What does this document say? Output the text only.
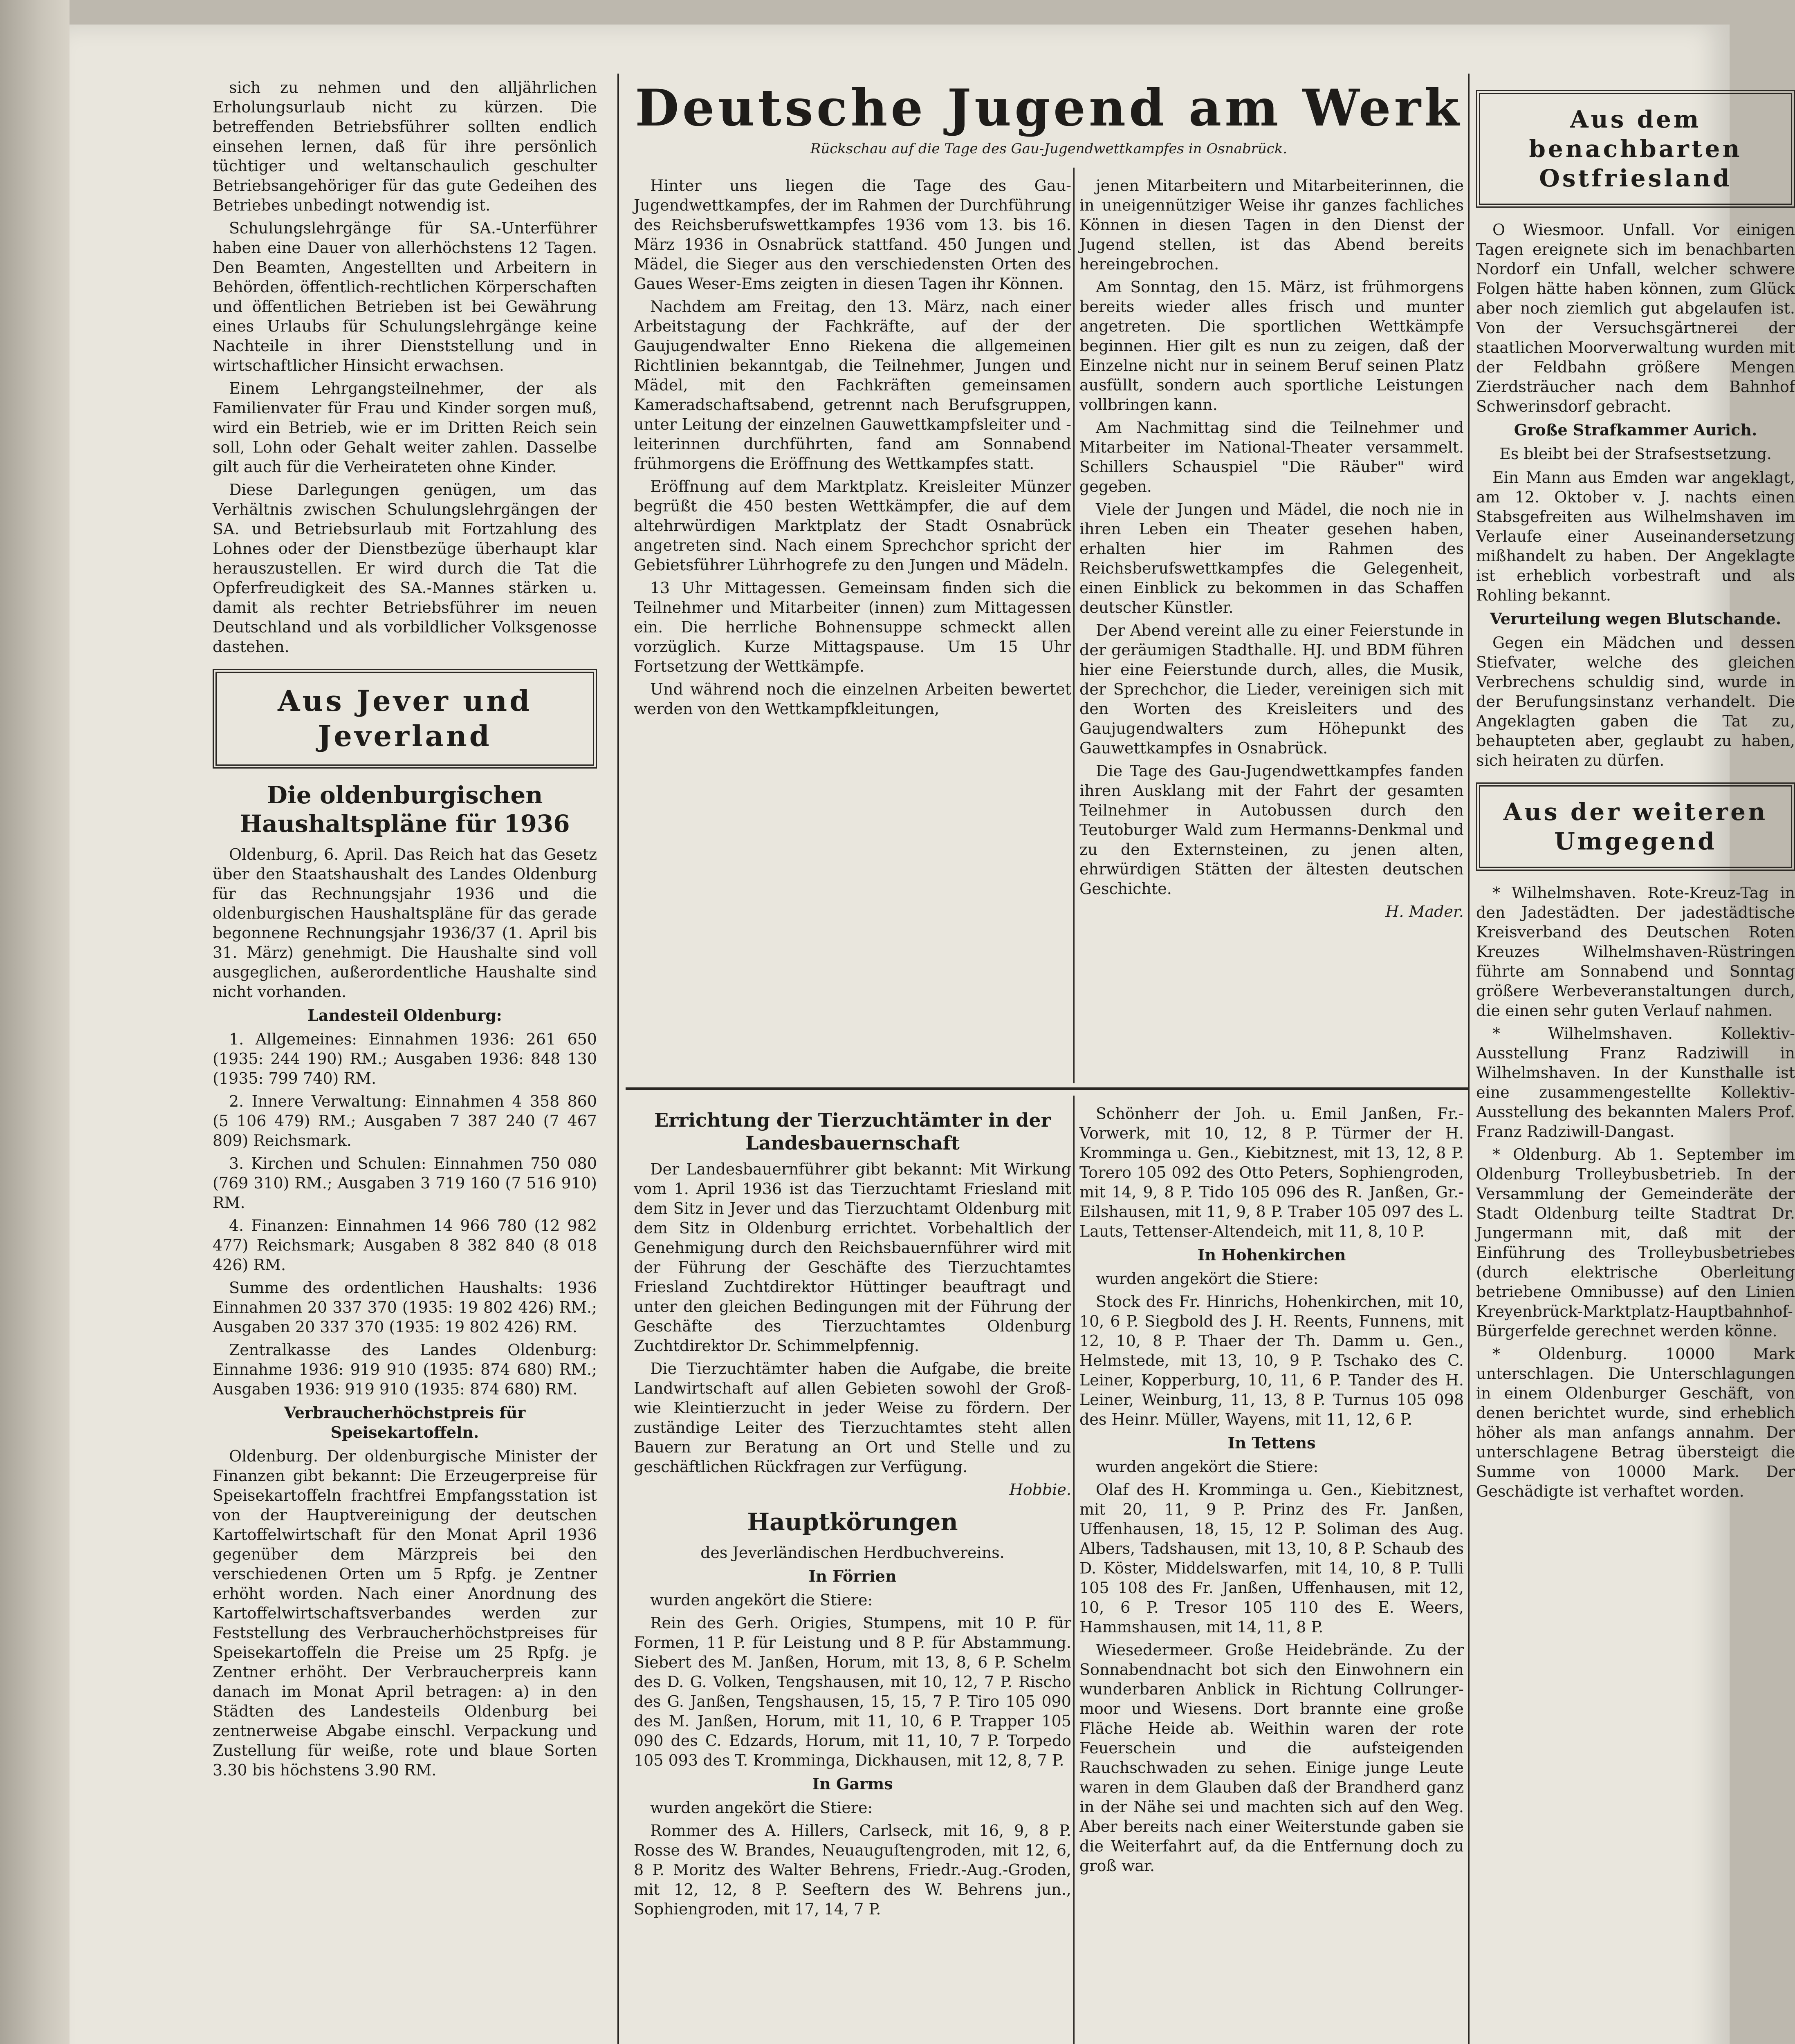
sich zu nehmen und den alljährlichen Erholungsurlaub nicht zu kürzen. Die betreffenden Betriebsführer sollten endlich einsehen lernen, daß für ihre persönlich tüchtiger und weltanschaulich geschulter Betriebsangehöriger für das gute Gedeihen des Betriebes unbedingt notwendig ist.

Schulungslehrgänge für SA.-Unterführer haben eine Dauer von allerhöchstens 12 Tagen. Den Beamten, Angestellten und Arbeitern in Behörden, öffentlich-rechtlichen Körperschaften und öffentlichen Betrieben ist bei Gewährung eines Urlaubs für Schulungslehrgänge keine Nachteile in ihrer Dienststellung und in wirtschaftlicher Hinsicht erwachsen.

Einem Lehrgangsteilnehmer, der als Familienvater für Frau und Kinder sorgen muß, wird ein Betrieb, wie er im Dritten Reich sein soll, Lohn oder Gehalt weiter zahlen. Dasselbe gilt auch für die Verheirateten ohne Kinder.

Diese Darlegungen genügen, um das Verhältnis zwischen Schulungslehrgängen der SA. und Betriebsurlaub mit Fortzahlung des Lohnes oder der Dienstbezüge überhaupt klar herauszustellen. Er wird durch die Tat die Opferfreudigkeit des SA.-Mannes stärken u. damit als rechter Betriebsführer im neuen Deutschland und als vorbildlicher Volksgenosse dastehen.

Aus Jever und Jeverland
Die oldenburgischen Haushaltspläne für 1936

Oldenburg, 6. April. Das Reich hat das Gesetz über den Staatshaushalt des Landes Oldenburg für das Rechnungsjahr 1936 und die oldenburgischen Haushaltspläne für das gerade begonnene Rechnungsjahr 1936/37 (1. April bis 31. März) genehmigt. Die Haushalte sind voll ausgeglichen, außerordentliche Haushalte sind nicht vorhanden.

Landesteil Oldenburg:

1. Allgemeines: Einnahmen 1936: 261 650 (1935: 244 190) RM.; Ausgaben 1936: 848 130 (1935: 799 740) RM.

2. Innere Verwaltung: Einnahmen 4 358 860 (5 106 479) RM.; Ausgaben 7 387 240 (7 467 809) Reichsmark.

3. Kirchen und Schulen: Einnahmen 750 080 (769 310) RM.; Ausgaben 3 719 160 (7 516 910) RM.

4. Finanzen: Einnahmen 14 966 780 (12 982 477) Reichsmark; Ausgaben 8 382 840 (8 018 426) RM.

Summe des ordentlichen Haushalts: 1936 Einnahmen 20 337 370 (1935: 19 802 426) RM.; Ausgaben 20 337 370 (1935: 19 802 426) RM.

Zentralkasse des Landes Oldenburg: Einnahme 1936: 919 910 (1935: 874 680) RM.; Ausgaben 1936: 919 910 (1935: 874 680) RM.

Verbraucherhöchstpreis für Speisekartoffeln.

Oldenburg. Der oldenburgische Minister der Finanzen gibt bekannt: Die Erzeugerpreise für Speisekartoffeln frachtfrei Empfangsstation ist von der Hauptvereinigung der deutschen Kartoffelwirtschaft für den Monat April 1936 gegenüber dem Märzpreis bei den verschiedenen Orten um 5 Rpfg. je Zentner erhöht worden. Nach einer Anordnung des Kartoffelwirtschaftsverbandes werden zur Feststellung des Verbraucherhöchstpreises für Speisekartoffeln die Preise um 25 Rpfg. je Zentner erhöht. Der Verbraucherpreis kann danach im Monat April betragen: a) in den Städten des Landesteils Oldenburg bei zentnerweise Abgabe einschl. Verpackung und Zustellung für weiße, rote und blaue Sorten 3.30 bis höchstens 3.90 RM.

Deutsche Jugend am Werk
Rückschau auf die Tage des Gau-Jugendwettkampfes in Osnabrück.

Hinter uns liegen die Tage des Gau-Jugendwettkampfes, der im Rahmen der Durchführung des Reichsberufswettkampfes 1936 vom 13. bis 16. März 1936 in Osnabrück stattfand. 450 Jungen und Mädel, die Sieger aus den verschiedensten Orten des Gaues Weser-Ems zeigten in diesen Tagen ihr Können.

Nachdem am Freitag, den 13. März, nach einer Arbeitstagung der Fachkräfte, auf der der Gaujugendwalter Enno Riekena die allgemeinen Richtlinien bekanntgab, die Teilnehmer, Jungen und Mädel, mit den Fachkräften gemeinsamen Kameradschaftsabend, getrennt nach Berufsgruppen, unter Leitung der einzelnen Gauwettkampfsleiter und -leiterinnen durchführten, fand am Sonnabend frühmorgens die Eröffnung des Wettkampfes statt.

Eröffnung auf dem Marktplatz. Kreisleiter Münzer begrüßt die 450 besten Wettkämpfer, die auf dem altehrwürdigen Marktplatz der Stadt Osnabrück angetreten sind. Nach einem Sprechchor spricht der Gebietsführer Lührhogrefe zu den Jungen und Mädeln.

13 Uhr Mittagessen. Gemeinsam finden sich die Teilnehmer und Mitarbeiter (innen) zum Mittagessen ein. Die herrliche Bohnensuppe schmeckt allen vorzüglich. Kurze Mittagspause. Um 15 Uhr Fortsetzung der Wettkämpfe.

Und während noch die einzelnen Arbeiten bewertet werden von den Wettkampfkleitungen,

jenen Mitarbeitern und Mitarbeiterinnen, die in uneigennütziger Weise ihr ganzes fachliches Können in diesen Tagen in den Dienst der Jugend stellen, ist das Abend bereits hereingebrochen.

Am Sonntag, den 15. März, ist frühmorgens bereits wieder alles frisch und munter angetreten. Die sportlichen Wettkämpfe beginnen. Hier gilt es nun zu zeigen, daß der Einzelne nicht nur in seinem Beruf seinen Platz ausfüllt, sondern auch sportliche Leistungen vollbringen kann.

Am Nachmittag sind die Teilnehmer und Mitarbeiter im National-Theater versammelt. Schillers Schauspiel "Die Räuber" wird gegeben.

Viele der Jungen und Mädel, die noch nie in ihren Leben ein Theater gesehen haben, erhalten hier im Rahmen des Reichsberufswettkampfes die Gelegenheit, einen Einblick zu bekommen in das Schaffen deutscher Künstler.

Der Abend vereint alle zu einer Feierstunde in der geräumigen Stadthalle. HJ. und BDM führen hier eine Feierstunde durch, alles, die Musik, der Sprechchor, die Lieder, vereinigen sich mit den Worten des Kreisleiters und des Gaujugendwalters zum Höhepunkt des Gauwettkampfes in Osnabrück.

Die Tage des Gau-Jugendwettkampfes fanden ihren Ausklang mit der Fahrt der gesamten Teilnehmer in Autobussen durch den Teutoburger Wald zum Hermanns-Denkmal und zu den Externsteinen, zu jenen alten, ehrwürdigen Stätten der ältesten deutschen Geschichte.

H. Mader.
Errichtung der Tierzuchtämter in der Landesbauernschaft

Der Landesbauernführer gibt bekannt: Mit Wirkung vom 1. April 1936 ist das Tierzuchtamt Friesland mit dem Sitz in Jever und das Tierzuchtamt Oldenburg mit dem Sitz in Oldenburg errichtet. Vorbehaltlich der Genehmigung durch den Reichsbauernführer wird mit der Führung der Geschäfte des Tierzuchtamtes Friesland Zuchtdirektor Hüttinger beauftragt und unter den gleichen Bedingungen mit der Führung der Geschäfte des Tierzuchtamtes Oldenburg Zuchtdirektor Dr. Schimmelpfennig.

Die Tierzuchtämter haben die Aufgabe, die breite Landwirtschaft auf allen Gebieten sowohl der Groß- wie Kleintierzucht in jeder Weise zu fördern. Der zuständige Leiter des Tierzuchtamtes steht allen Bauern zur Beratung an Ort und Stelle und zu geschäftlichen Rückfragen zur Verfügung.

Hobbie.
Hauptkörungen
des Jeverländischen Herdbuchvereins.
In Förrien

wurden angekört die Stiere:

Rein des Gerh. Origies, Stumpens, mit 10 P. für Formen, 11 P. für Leistung und 8 P. für Abstammung. Siebert des M. Janßen, Horum, mit 13, 8, 6 P. Schelm des D. G. Volken, Tengshausen, mit 10, 12, 7 P. Rischo des G. Janßen, Tengshausen, 15, 15, 7 P. Tiro 105 090 des M. Janßen, Horum, mit 11, 10, 6 P. Trapper 105 090 des C. Edzards, Horum, mit 11, 10, 7 P. Torpedo 105 093 des T. Kromminga, Dickhausen, mit 12, 8, 7 P.

In Garms

wurden angekört die Stiere:

Rommer des A. Hillers, Carlseck, mit 16, 9, 8 P. Rosse des W. Brandes, Neuauguſtengroden, mit 12, 6, 8 P. Moritz des Walter Behrens, Friedr.-Aug.-Groden, mit 12, 12, 8 P. Seeftern des W. Behrens jun., Sophiengroden, mit 17, 14, 7 P.

Schönherr der Joh. u. Emil Janßen, Fr.-Vorwerk, mit 10, 12, 8 P. Türmer der H. Kromminga u. Gen., Kiebitznest, mit 13, 12, 8 P. Torero 105 092 des Otto Peters, Sophiengroden, mit 14, 9, 8 P. Tido 105 096 des R. Janßen, Gr.-Eilshausen, mit 11, 9, 8 P. Traber 105 097 des L. Lauts, Tettenser-Altendeich, mit 11, 8, 10 P.

In Hohenkirchen

wurden angekört die Stiere:

Stock des Fr. Hinrichs, Hohenkirchen, mit 10, 10, 6 P. Siegbold des J. H. Reents, Funnens, mit 12, 10, 8 P. Thaer der Th. Damm u. Gen., Helmstede, mit 13, 10, 9 P. Tschako des C. Leiner, Kopperburg, 10, 11, 6 P. Tander des H. Leiner, Weinburg, 11, 13, 8 P. Turnus 105 098 des Heinr. Müller, Wayens, mit 11, 12, 6 P.

In Tettens

wurden angekört die Stiere:

Olaf des H. Kromminga u. Gen., Kiebitznest, mit 20, 11, 9 P. Prinz des Fr. Janßen, Uffenhausen, 18, 15, 12 P. Soliman des Aug. Albers, Tadshausen, mit 13, 10, 8 P. Schaub des D. Köster, Middelswarfen, mit 14, 10, 8 P. Tulli 105 108 des Fr. Janßen, Uffenhausen, mit 12, 10, 6 P. Tresor 105 110 des E. Weers, Hammshausen, mit 14, 11, 8 P.

Wiesedermeer. Große Heidebrände. Zu der Sonnabendnacht bot sich den Einwohnern ein wunderbaren Anblick in Richtung Collrunger-moor und Wiesens. Dort brannte eine große Fläche Heide ab. Weithin waren der rote Feuerschein und die aufsteigenden Rauchschwaden zu sehen. Einige junge Leute waren in dem Glauben daß der Brandherd ganz in der Nähe sei und machten sich auf den Weg. Aber bereits nach einer Weiterstunde gaben sie die Weiterfahrt auf, da die Entfernung doch zu groß war.

Aus dem benachbarten Ostfriesland

O Wiesmoor. Unfall. Vor einigen Tagen ereignete sich im benachbarten Nordorf ein Unfall, welcher schwere Folgen hätte haben können, zum Glück aber noch ziemlich gut abgelaufen ist. Von der Versuchsgärtnerei der staatlichen Moorverwaltung wurden mit der Feldbahn größere Mengen Zierdsträucher nach dem Bahnhof Schwerinsdorf gebracht.

Große Strafkammer Aurich.
Es bleibt bei der Strafsestsetzung.

Ein Mann aus Emden war angeklagt, am 12. Oktober v. J. nachts einen Stabsgefreiten aus Wilhelmshaven im Verlaufe einer Auseinandersetzung mißhandelt zu haben. Der Angeklagte ist erheblich vorbestraft und als Rohling bekannt.

Verurteilung wegen Blutschande.

Gegen ein Mädchen und dessen Stiefvater, welche des gleichen Verbrechens schuldig sind, wurde in der Berufungsinstanz verhandelt. Die Angeklagten gaben die Tat zu, behaupteten aber, geglaubt zu haben, sich heiraten zu dürfen.

Aus der weiteren Umgegend

* Wilhelmshaven. Rote-Kreuz-Tag in den Jadestädten. Der jadestädtische Kreisverband des Deutschen Roten Kreuzes Wilhelmshaven-Rüstringen führte am Sonnabend und Sonntag größere Werbeveranstaltungen durch, die einen sehr guten Verlauf nahmen.

* Wilhelmshaven. Kollektiv-Ausstellung Franz Radziwill in Wilhelmshaven. In der Kunsthalle ist eine zusammengestellte Kollektiv-Ausstellung des bekannten Malers Prof. Franz Radziwill-Dangast.

* Oldenburg. Ab 1. September im Oldenburg Trolleybusbetrieb. In der Versammlung der Gemeinderäte der Stadt Oldenburg teilte Stadtrat Dr. Jungermann mit, daß mit der Einführung des Trolleybusbetriebes (durch elektrische Oberleitung betriebene Omnibusse) auf den Linien Kreyenbrück-Marktplatz-Hauptbahnhof-Bürgerfelde gerechnet werden könne.

* Oldenburg. 10000 Mark unterschlagen. Die Unterschlagungen in einem Oldenburger Geschäft, von denen berichtet wurde, sind erheblich höher als man anfangs annahm. Der unterschlagene Betrag übersteigt die Summe von 10000 Mark. Der Geschädigte ist verhaftet worden.
